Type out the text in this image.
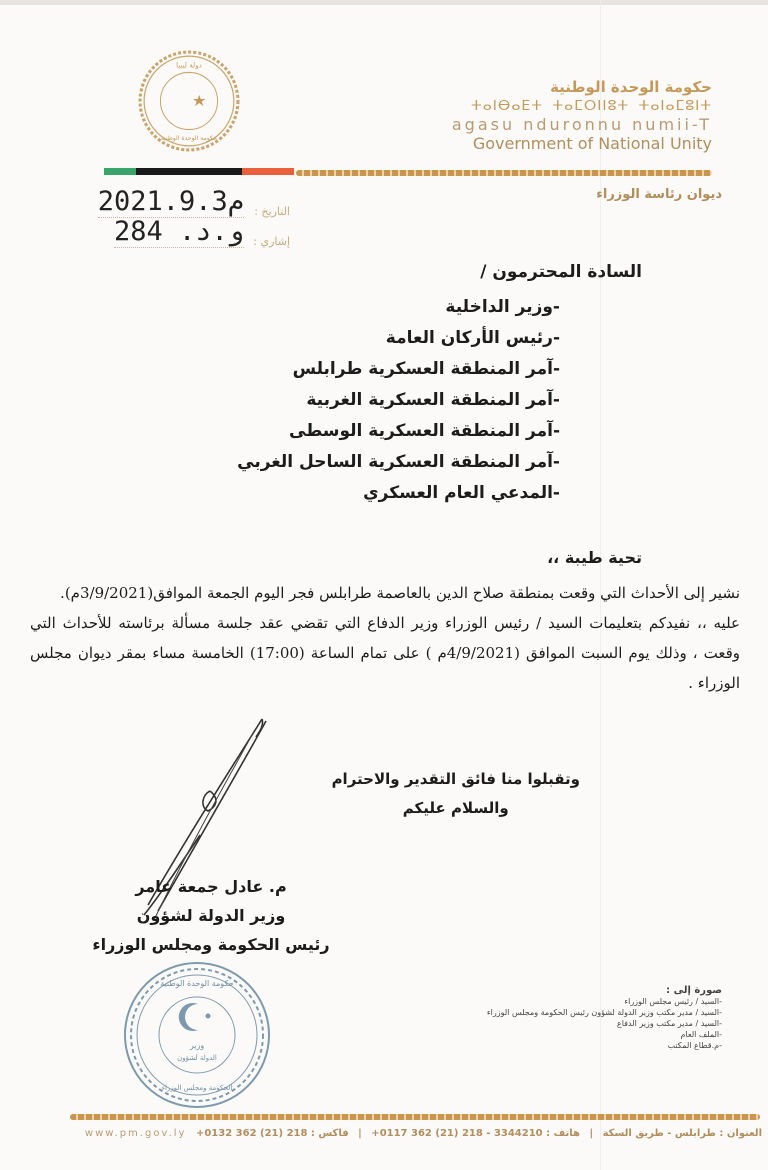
دولة ليبيا
حكومة الوحدة الوطنية
حكومة الوحدة الوطنية
ⵜⴰⵏⴱⴰⴹⵜ ⵜⴰⵎⵔⵏⵏⵓⵜ ⵜⴰⵏⴰⵎⵓⵏⵜ
agasu nduronnu numii-T
Government of National Unity
ديوان رئاسة الوزراء
التاريخ :
2021.9.3م
إشاري :
و.د. 284
السادة المحترمون /
-وزير الداخلية
-رئيس الأركان العامة
-آمر المنطقة العسكرية طرابلس
-آمر المنطقة العسكرية الغربية
-آمر المنطقة العسكرية الوسطى
-آمر المنطقة العسكرية الساحل الغربي
-المدعي العام العسكري
تحية طيبة ،،

نشير إلى الأحداث التي وقعت بمنطقة صلاح الدين بالعاصمة طرابلس فجر اليوم الجمعة الموافق(3/9/2021م).

عليه ،، نفيدكم بتعليمات السيد / رئيس الوزراء وزير الدفاع التي تقضي عقد جلسة مسألة برئاسته للأحداث التي وقعت ، وذلك يوم السبت الموافق (4/9/2021م ) على تمام الساعة (17:00) الخامسة مساء بمقر ديوان مجلس الوزراء .

وتقبلوا منا فائق التقدير والاحترام
والسلام عليكم
م. عادل جمعة عامر
وزير الدولة لشؤون
رئيس الحكومة ومجلس الوزراء
وزير
الدولة لشؤون
حكومة الوحدة الوطنية
الحكومة ومجلس الوزراء
صورة إلى :
-السيد / رئيس مجلس الوزراء
-السيد / مدير مكتب وزير الدولة لشؤون رئيس الحكومة ومجلس الوزراء
-السيد / مدير مكتب وزير الدفاع
-الملف العام
-م.قطاع المكتب
العنوان : طرابلس - طريق السكة | هاتف : 3344210 - 218 (21) 362 0117+ | فاكس : 218 (21) 362 0132+ www.pm.gov.ly
